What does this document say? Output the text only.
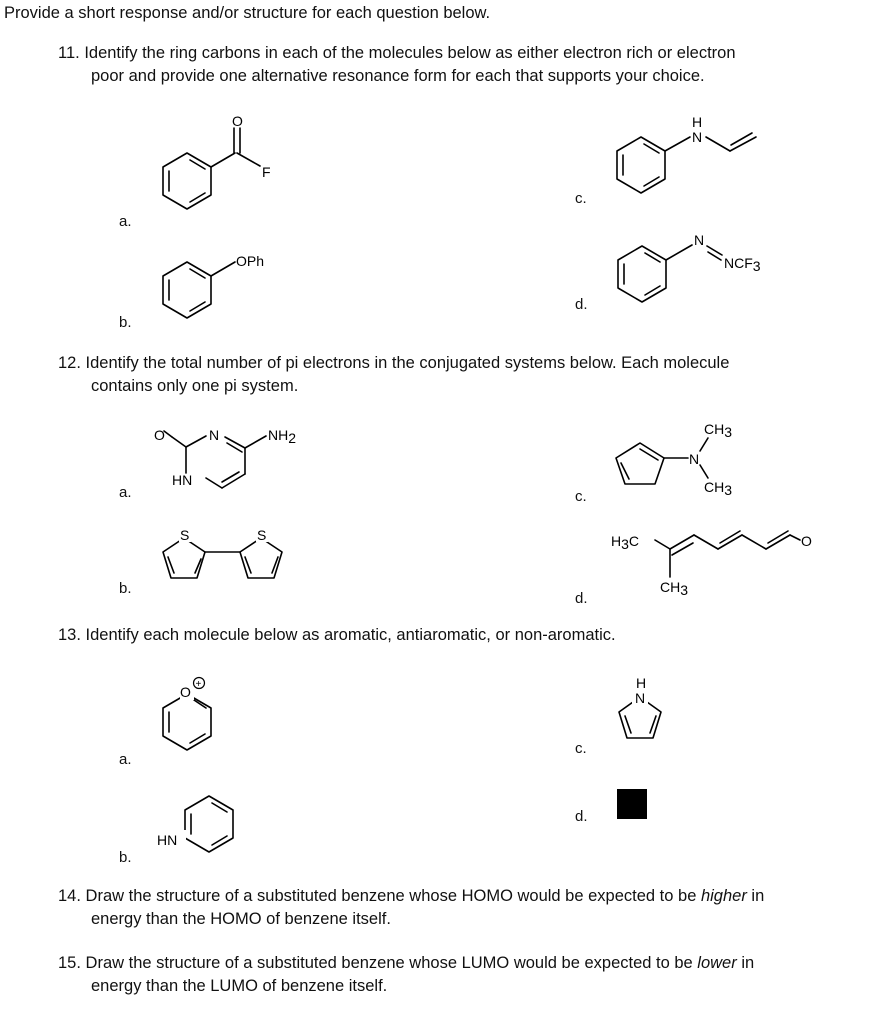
Provide a short response and/or structure for each question below.
11. Identify the ring carbons in each of the molecules below as either electron rich or electron
poor and provide one alternative resonance form for each that supports your choice.
12. Identify the total number of pi electrons in the conjugated systems below. Each molecule
contains only one pi system.
13. Identify each molecule below as aromatic, antiaromatic, or non-aromatic.
14. Draw the structure of a substituted benzene whose HOMO would be expected to be higher in
energy than the HOMO of benzene itself.
15. Draw the structure of a substituted benzene whose LUMO would be expected to be lower in
energy than the LUMO of benzene itself.
a.
b.
c.
d.
a.
b.
c.
d.
a.
b.
c.
d.
O
F
OPh
H
N
N
NCF3
O	N	NH2
HN
S	S
N
CH3
CH3
H3C
CH3
O
O +
HN
H
N
